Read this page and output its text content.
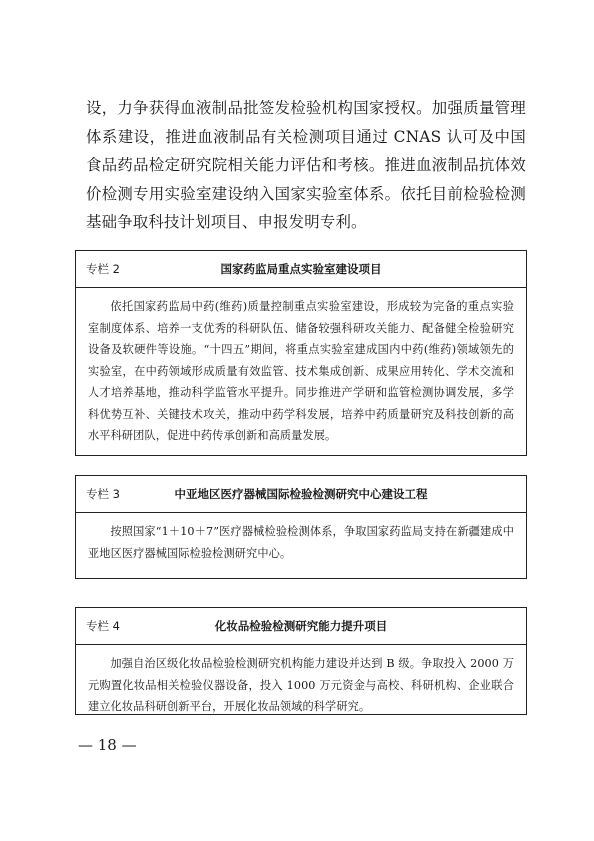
设，力争获得血液制品批签发检验机构国家授权。加强质量管理体系建设，推进血液制品有关检测项目通过 CNAS 认可及中国食品药品检定研究院相关能力评估和考核。推进血液制品抗体效价检测专用实验室建设纳入国家实验室体系。依托目前检验检测基础争取科技计划项目、申报发明专利。
专栏 2	国家药监局重点实验室建设项目
依托国家药监局中药(维药)质量控制重点实验室建设，形成较为完备的重点实验室制度体系、培养一支优秀的科研队伍、储备较强科研攻关能力、配备健全检验研究设备及软硬件等设施。“十四五”期间，将重点实验室建成国内中药(维药)领域领先的实验室，在中药领域形成质量有效监管、技术集成创新、成果应用转化、学术交流和人才培养基地，推动科学监管水平提升。同步推进产学研和监管检测协调发展，多学科优势互补、关键技术攻关，推动中药学科发展，培养中药质量研究及科技创新的高水平科研团队，促进中药传承创新和高质量发展。
专栏 3	中亚地区医疗器械国际检验检测研究中心建设工程
按照国家“1＋10＋7”医疗器械检验检测体系，争取国家药监局支持在新疆建成中亚地区医疗器械国际检验检测研究中心。
专栏 4	化妆品检验检测研究能力提升项目
加强自治区级化妆品检验检测研究机构能力建设并达到 B 级。争取投入 2000 万元购置化妆品相关检验仪器设备，投入 1000 万元资金与高校、科研机构、企业联合建立化妆品科研创新平台，开展化妆品领域的科学研究。
— 18 —
